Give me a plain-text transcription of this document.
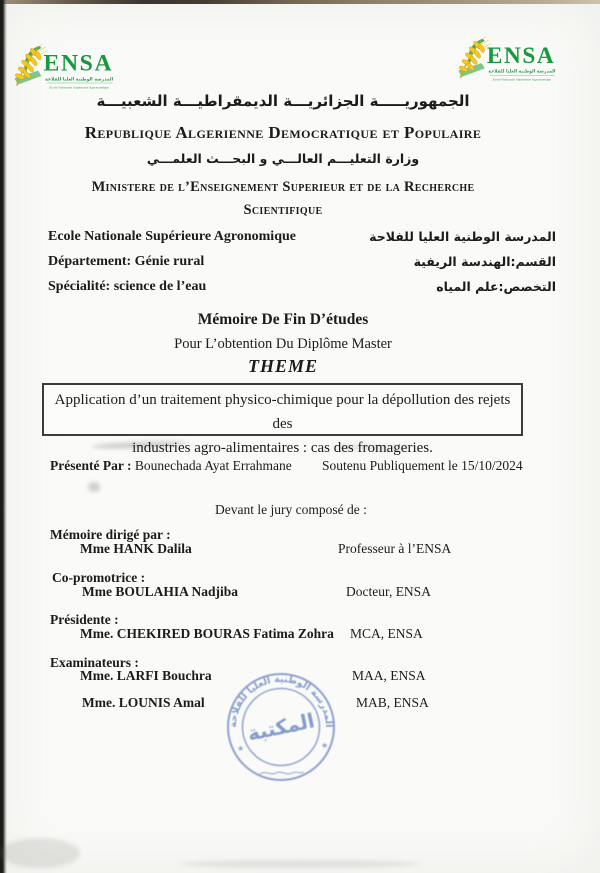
ENSA
المدرسة الوطنية العليا للفلاحة
Ecole Nationale Supérieure Agronomique
ENSA
المدرسة الوطنية العليا للفلاحة
Ecole Nationale Supérieure Agronomique
الجمهوريـــــة الجزائريـــة الديمقراطيـــة الشعبيـــة
Republique Algerienne Democratique et Populaire
وزارة التعليـــم العالـــي و البحـــث العلمـــي
Ministere de l’Enseignement Superieur et de la Recherche
Scientifique
Ecole Nationale Supérieure Agronomique	المدرسة الوطنية العليا للفلاحة
Département: Génie rural	القسم:الهندسة الريفية
Spécialité: science de l’eau	التخصص:علم المياه
Mémoire De Fin D’études
Pour L’obtention Du Diplôme Master
THEME
Application d’un traitement physico-chimique pour la dépollution des rejets des
industries agro-alimentaires : cas des fromageries.
Présenté Par : Bounechada Ayat Errahmane Soutenu Publiquement le 15/10/2024
Devant le jury composé de :
Mémoire dirigé par :
Mme HANK Dalila	Professeur à l’ENSA
Co-promotrice :
Mme BOULAHIA Nadjiba	Docteur, ENSA
Présidente :
Mme. CHEKIRED BOURAS Fatima Zohra MCA, ENSA
Examinateurs :
Mme. LARFI Bouchra	MAA, ENSA
Mme. LOUNIS Amal	MAB, ENSA
المدرسة الوطنية العليا للفلاحة
المكتبة
★	★
